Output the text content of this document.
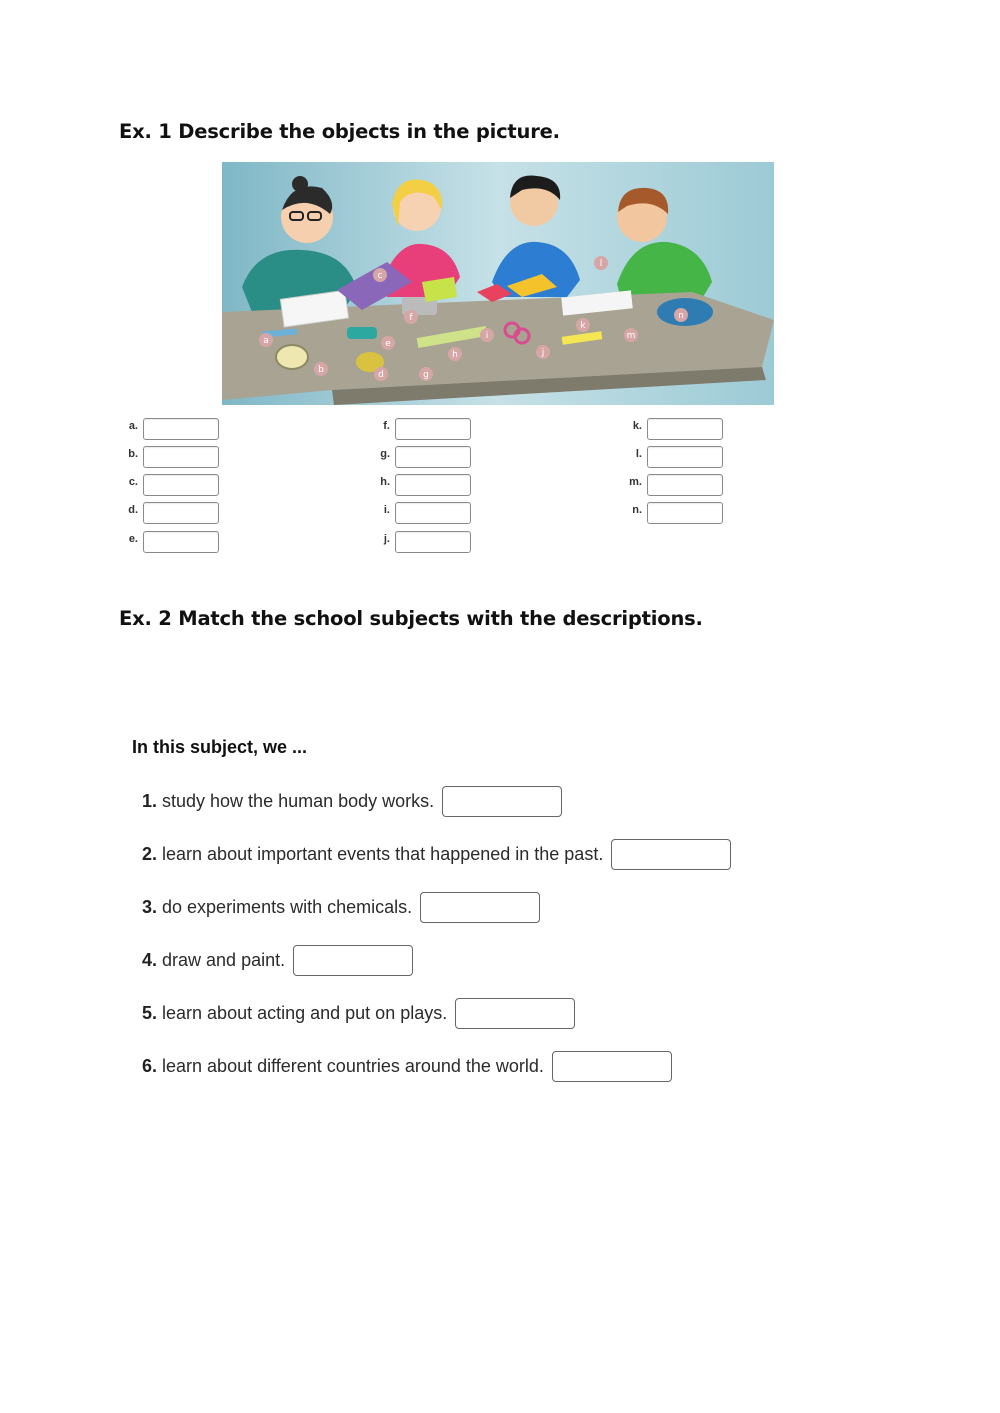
Ex. 1 Describe the objects in the picture.
a
b
c
d
e
f
g
h
i
j
k
l
m
n
a.
b.
c.
d.
e.
f.
g.
h.
i.
j.
k.
l.
m.
n.
Ex. 2 Match the school subjects with the descriptions.

In this subject, we ...

1. study how the human body works.
2. learn about important events that happened in the past.
3. do experiments with chemicals.
4. draw and paint.
5. learn about acting and put on plays.
6. learn about different countries around the world.
